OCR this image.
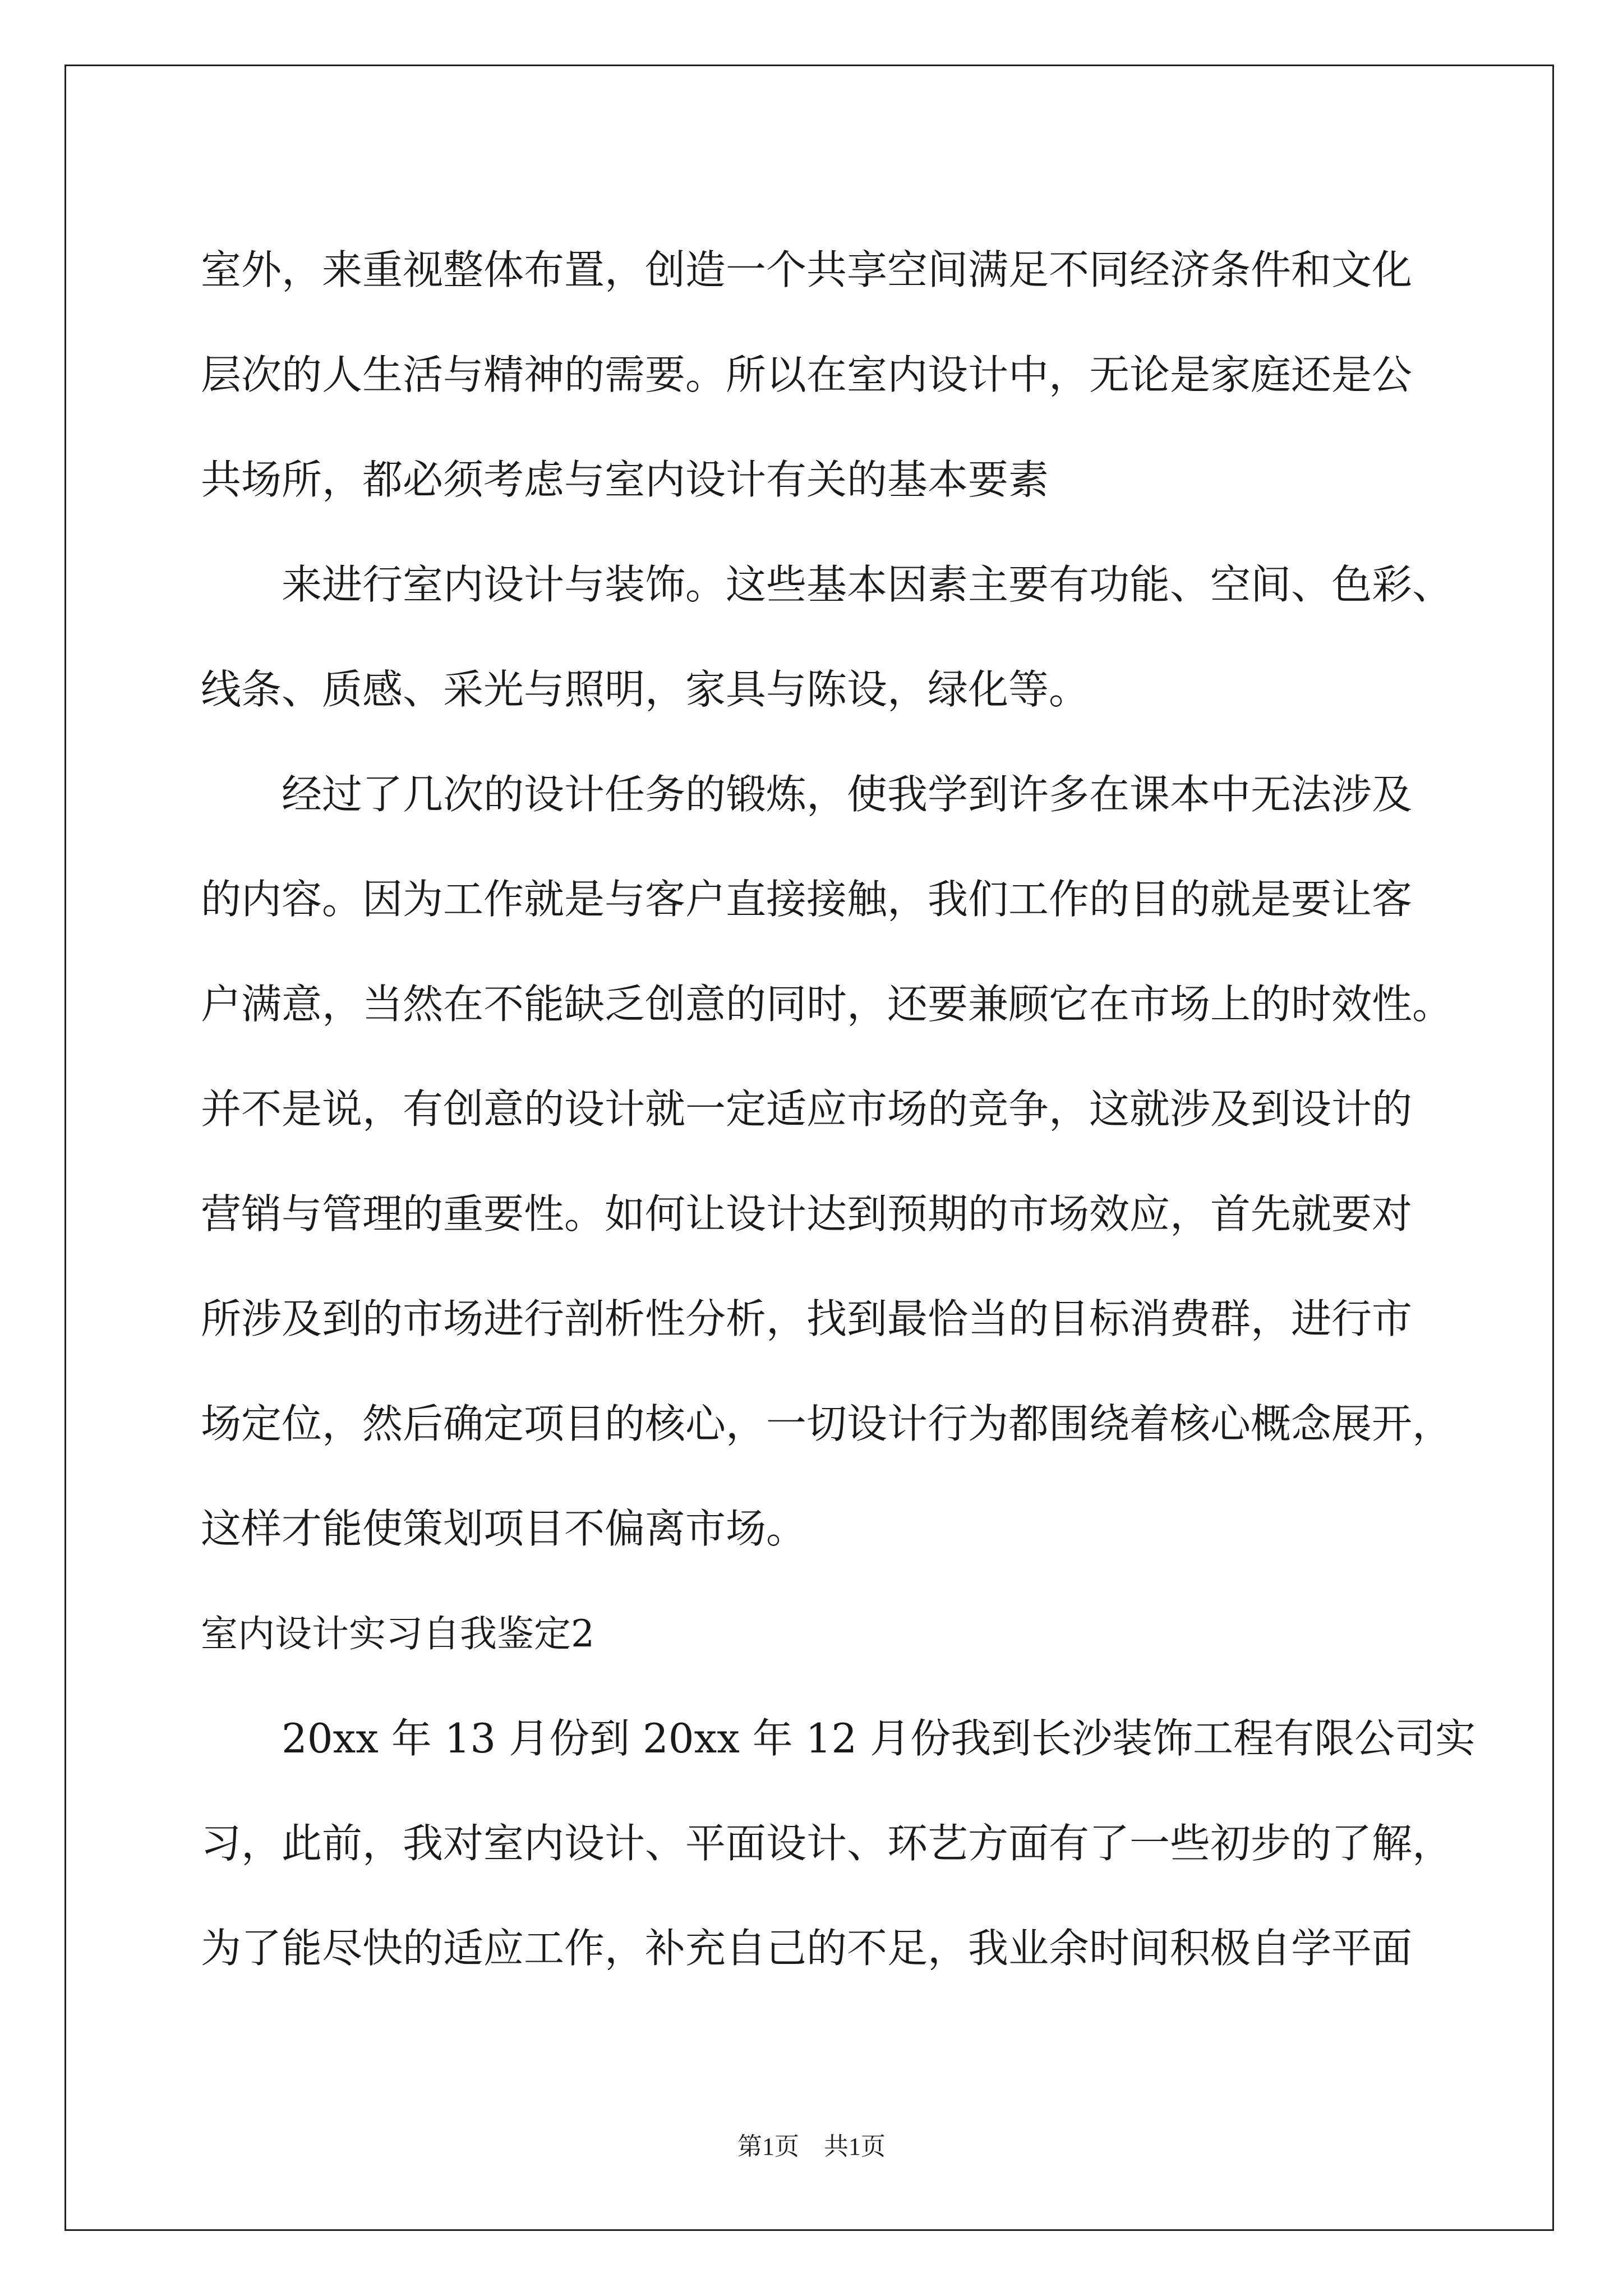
室外，来重视整体布置，创造一个共享空间满足不同经济条件和文化
层次的人生活与精神的需要。所以在室内设计中，无论是家庭还是公
共场所，都必须考虑与室内设计有关的基本要素
来进行室内设计与装饰。这些基本因素主要有功能、空间、色彩、
线条、质感、采光与照明，家具与陈设，绿化等。
经过了几次的设计任务的锻炼，使我学到许多在课本中无法涉及
的内容。因为工作就是与客户直接接触，我们工作的目的就是要让客
户满意，当然在不能缺乏创意的同时，还要兼顾它在市场上的时效性。
并不是说，有创意的设计就一定适应市场的竞争，这就涉及到设计的
营销与管理的重要性。如何让设计达到预期的市场效应，首先就要对
所涉及到的市场进行剖析性分析，找到最恰当的目标消费群，进行市
场定位，然后确定项目的核心，一切设计行为都围绕着核心概念展开，
这样才能使策划项目不偏离市场。
室内设计实习自我鉴定2
20xx 年 13 月份到 20xx 年 12 月份我到长沙装饰工程有限公司实
习，此前，我对室内设计、平面设计、环艺方面有了一些初步的了解，
为了能尽快的适应工作，补充自己的不足，我业余时间积极自学平面
第1页　共1页
